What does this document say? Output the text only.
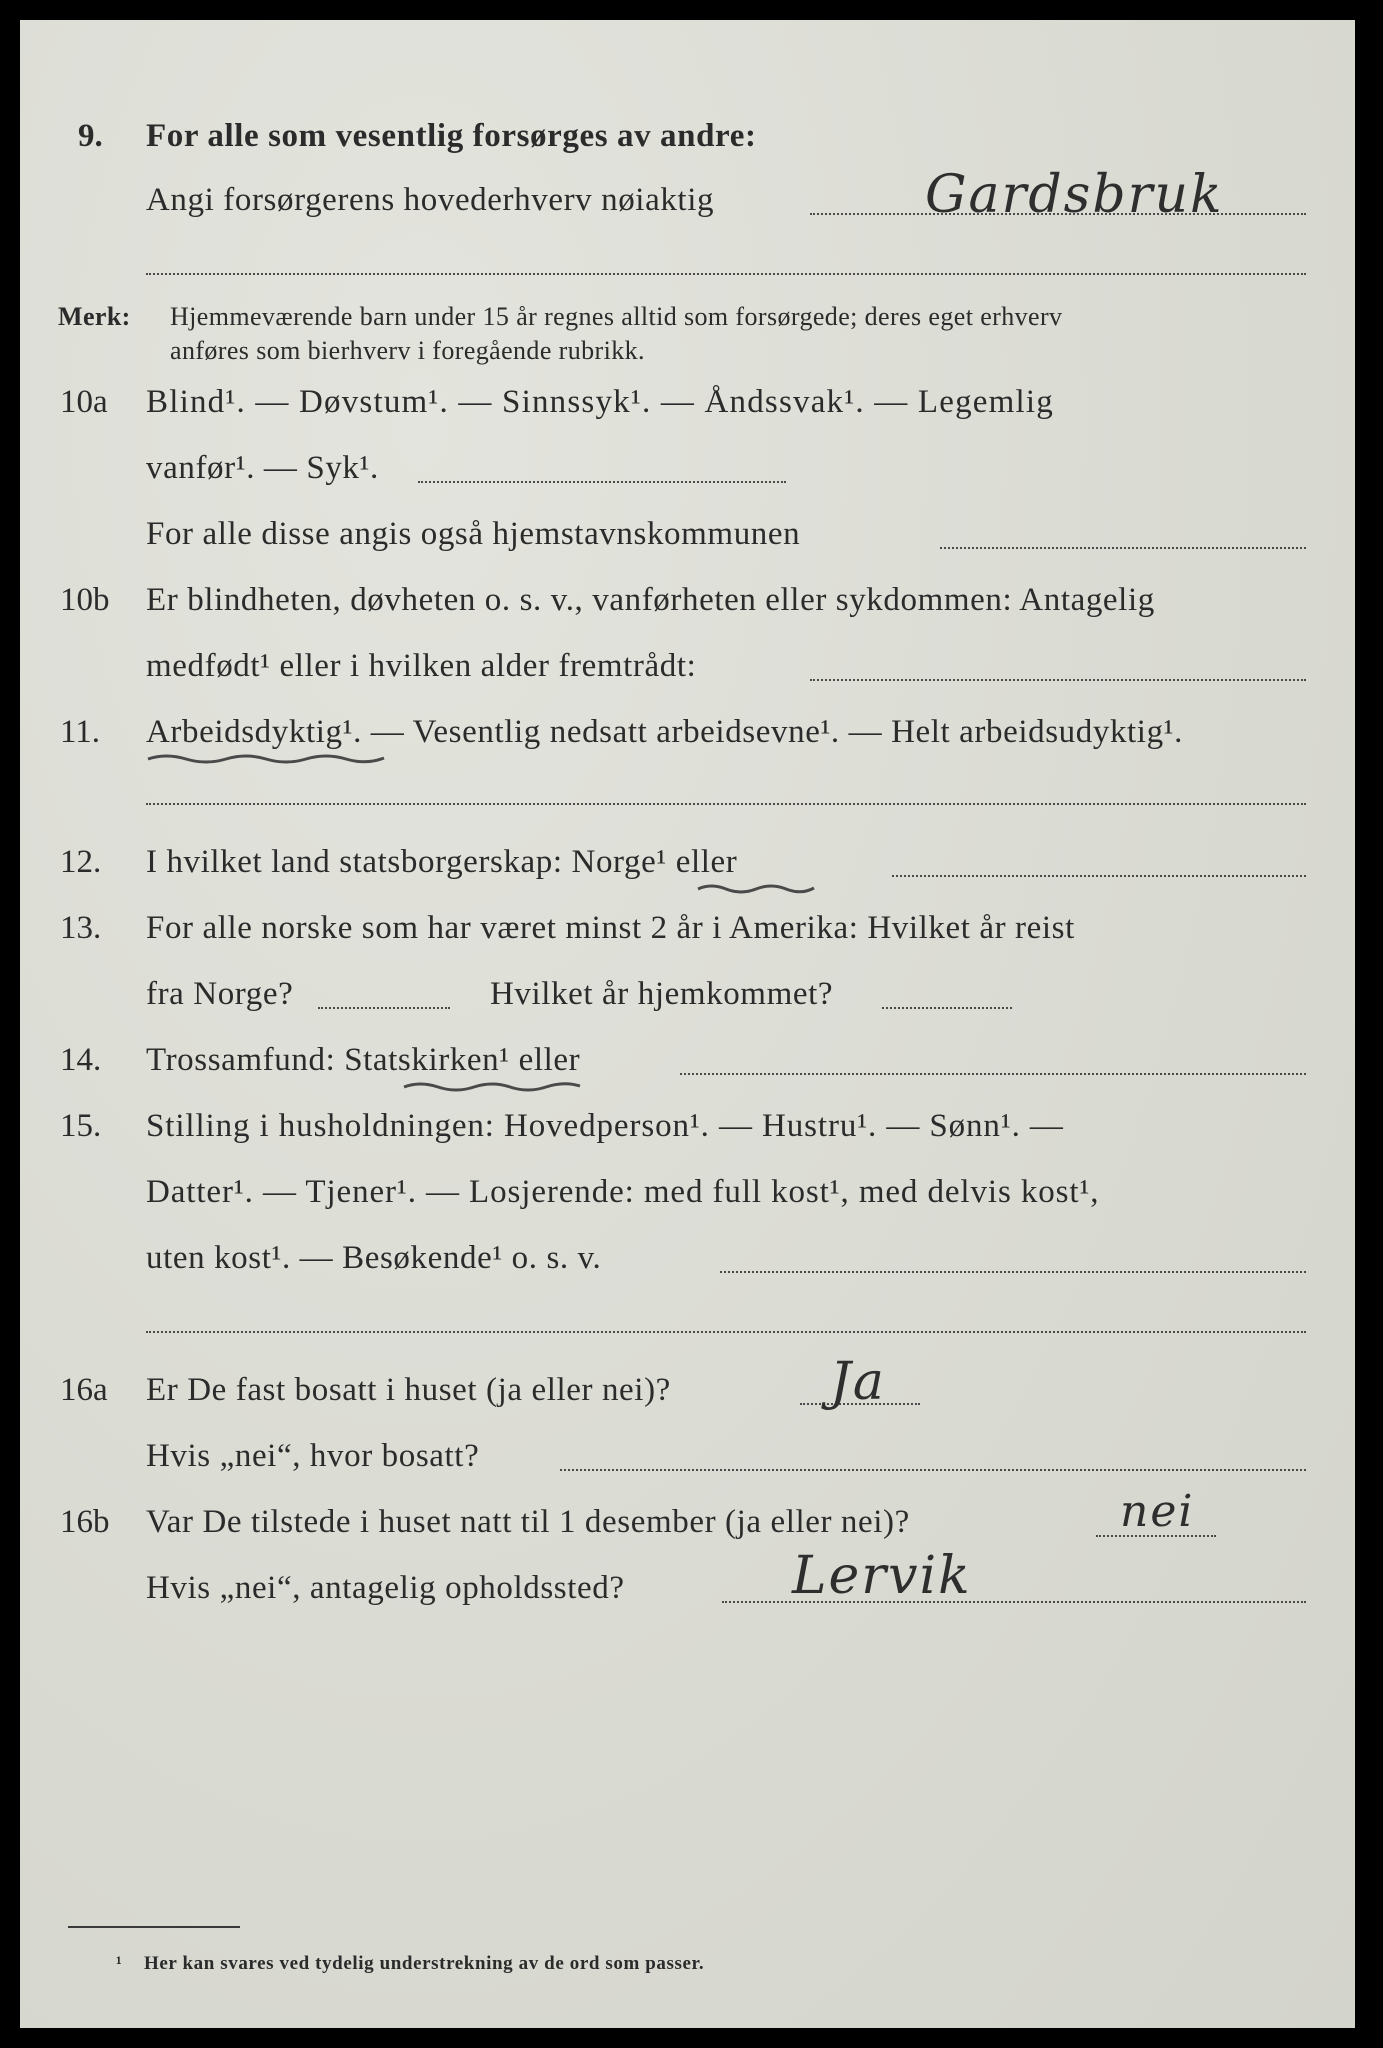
9. For alle som vesentlig forsørges av andre:
Angi forsørgerens hovederhverv nøiaktig	Gardsbruk
Merk: Hjemmeværende barn under 15 år regnes alltid som forsørgede; deres eget erhverv
anføres som bierhverv i foregående rubrikk.
10a Blind¹. — Døvstum¹. — Sinnssyk¹. — Åndssvak¹. — Legemlig
vanfør¹. — Syk¹.
For alle disse angis også hjemstavnskommunen
10b Er blindheten, døvheten o. s. v., vanførheten eller sykdommen: Antagelig
medfødt¹ eller i hvilken alder fremtrådt:
11. Arbeidsdyktig¹. — Vesentlig nedsatt arbeidsevne¹. — Helt arbeidsudyktig¹.
12. I hvilket land statsborgerskap: Norge¹ eller
13. For alle norske som har været minst 2 år i Amerika: Hvilket år reist
fra Norge?	Hvilket år hjemkommet?
14. Trossamfund: Statskirken¹ eller
15. Stilling i husholdningen: Hovedperson¹. — Hustru¹. — Sønn¹. —
Datter¹. — Tjener¹. — Losjerende: med full kost¹, med delvis kost¹,
uten kost¹. — Besøkende¹ o. s. v.
16a Er De fast bosatt i huset (ja eller nei)?	Ja
Hvis „nei“, hvor bosatt?
16b Var De tilstede i huset natt til 1 desember (ja eller nei)?	nei
Hvis „nei“, antagelig opholdssted?	Lervik
¹ Her kan svares ved tydelig understrekning av de ord som passer.
